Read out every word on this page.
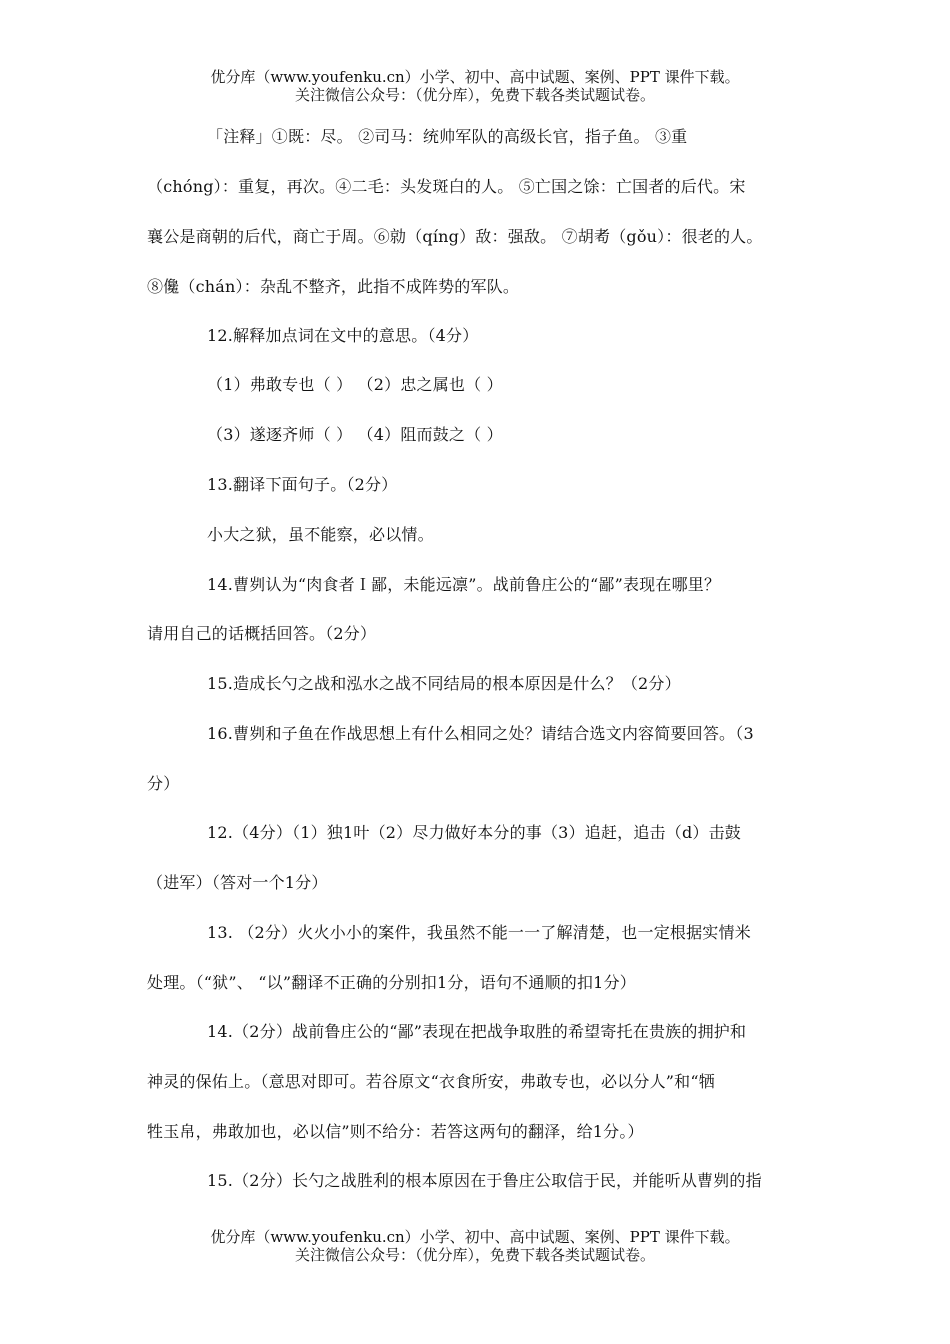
优分库（www.youfenku.cn）小学、初中、高中试题、案例、PPT 课件下载。
关注微信公众号：（优分库），免费下载各类试题试卷。
「注释」①既：尽。 ②司马：统帅军队的高级长官，指子鱼。 ③重
（chóng）：重复，再次。④二毛：头发斑白的人。 ⑤亡国之馀：亡国者的后代。宋
襄公是商朝的后代，商亡于周。⑥勍（qíng）敌：强敌。 ⑦胡耇（gǒu）：很老的人。
⑧儳（chán）：杂乱不整齐，此指不成阵势的军队。
12.解释加点词在文中的意思。（4分）
（1）弗敢专也（ ） （2）忠之属也（ ）
（3）遂逐齐师（ ） （4）阻而鼓之（ ）
13.翻译下面句子。（2分）
小大之狱，虽不能察，必以情。
14.曹刿认为“肉食者Ｉ鄙，未能远凛”。战前鲁庄公的“鄙”表现在哪里？
请用自己的话概括回答。（2分）
15.造成长勺之战和泓水之战不同结局的根本原因是什么？（2分）
16.曹刿和子鱼在作战思想上有什么相同之处？请结合选文内容简要回答。（3
分）
12.（4分）（1）独1叶（2）尽力做好本分的事（3）追赶，追击（d）击鼓
（进军）（答对一个1分）
13. （2分）火火小小的案件，我虽然不能一一了解清楚，也一定根据实情米
处理。（“狱”、 “以”翻译不正确的分别扣1分，语句不通顺的扣1分）
14.（2分）战前鲁庄公的“鄙”表现在把战争取胜的希望寄托在贵族的拥护和
神灵的保佑上。（意思对即可。若谷原文“衣食所安，弗敢专也，必以分人”和“牺
牲玉帛，弗敢加也，必以信”则不给分：若答这两句的翻泽，给1分。）
15.（2分）长勺之战胜利的根本原因在于鲁庄公取信于民，并能听从曹刿的指
优分库（www.youfenku.cn）小学、初中、高中试题、案例、PPT 课件下载。
关注微信公众号：（优分库），免费下载各类试题试卷。
